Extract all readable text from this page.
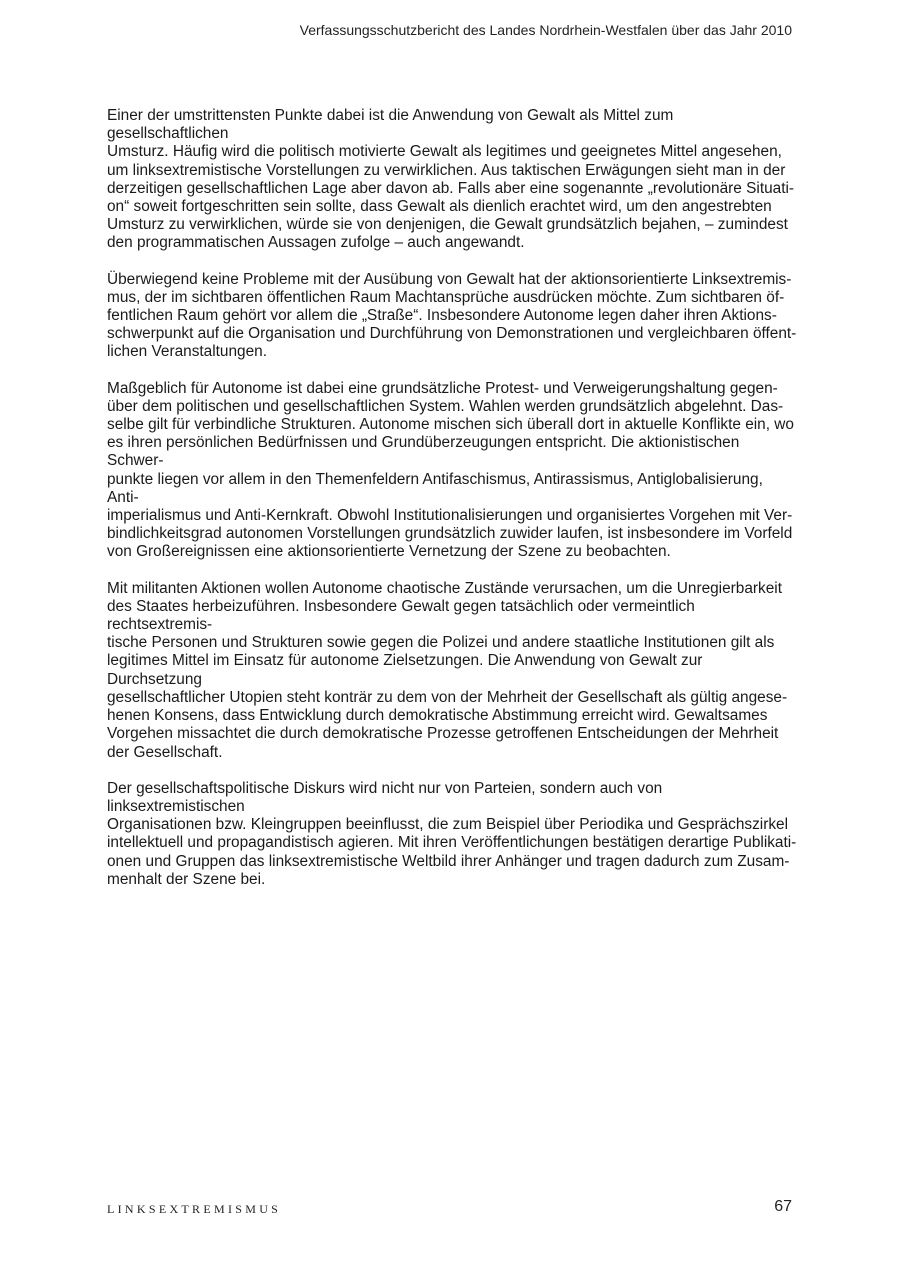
Verfassungsschutzbericht des Landes Nordrhein-Westfalen über das Jahr 2010

Einer der umstrittensten Punkte dabei ist die Anwendung von Gewalt als Mittel zum gesellschaftlichen
Umsturz. Häufig wird die politisch motivierte Gewalt als legitimes und geeignetes Mittel angesehen,
um linksextremistische Vorstellungen zu verwirklichen. Aus taktischen Erwägungen sieht man in der
derzeitigen gesellschaftlichen Lage aber davon ab. Falls aber eine sogenannte „revolutionäre Situati-
on“ soweit fortgeschritten sein sollte, dass Gewalt als dienlich erachtet wird, um den angestrebten
Umsturz zu verwirklichen, würde sie von denjenigen, die Gewalt grundsätzlich bejahen, – zumindest
den programmatischen Aussagen zufolge – auch angewandt.

Überwiegend keine Probleme mit der Ausübung von Gewalt hat der aktionsorientierte Linksextremis-
mus, der im sichtbaren öffentlichen Raum Machtansprüche ausdrücken möchte. Zum sichtbaren öf-
fentlichen Raum gehört vor allem die „Straße“. Insbesondere Autonome legen daher ihren Aktions-
schwerpunkt auf die Organisation und Durchführung von Demonstrationen und vergleichbaren öffent-
lichen Veranstaltungen.

Maßgeblich für Autonome ist dabei eine grundsätzliche Protest- und Verweigerungshaltung gegen-
über dem politischen und gesellschaftlichen System. Wahlen werden grundsätzlich abgelehnt. Das-
selbe gilt für verbindliche Strukturen. Autonome mischen sich überall dort in aktuelle Konflikte ein, wo
es ihren persönlichen Bedürfnissen und Grundüberzeugungen entspricht. Die aktionistischen Schwer-
punkte liegen vor allem in den Themenfeldern Antifaschismus, Antirassismus, Antiglobalisierung, Anti-
imperialismus und Anti-Kernkraft. Obwohl Institutionalisierungen und organisiertes Vorgehen mit Ver-
bindlichkeitsgrad autonomen Vorstellungen grundsätzlich zuwider laufen, ist insbesondere im Vorfeld
von Großereignissen eine aktionsorientierte Vernetzung der Szene zu beobachten.

Mit militanten Aktionen wollen Autonome chaotische Zustände verursachen, um die Unregierbarkeit
des Staates herbeizuführen. Insbesondere Gewalt gegen tatsächlich oder vermeintlich rechtsextremis-
tische Personen und Strukturen sowie gegen die Polizei und andere staatliche Institutionen gilt als
legitimes Mittel im Einsatz für autonome Zielsetzungen. Die Anwendung von Gewalt zur Durchsetzung
gesellschaftlicher Utopien steht konträr zu dem von der Mehrheit der Gesellschaft als gültig angese-
henen Konsens, dass Entwicklung durch demokratische Abstimmung erreicht wird. Gewaltsames
Vorgehen missachtet die durch demokratische Prozesse getroffenen Entscheidungen der Mehrheit
der Gesellschaft.

Der gesellschaftspolitische Diskurs wird nicht nur von Parteien, sondern auch von linksextremistischen
Organisationen bzw. Kleingruppen beeinflusst, die zum Beispiel über Periodika und Gesprächszirkel
intellektuell und propagandistisch agieren. Mit ihren Veröffentlichungen bestätigen derartige Publikati-
onen und Gruppen das linksextremistische Weltbild ihrer Anhänger und tragen dadurch zum Zusam-
menhalt der Szene bei.

LINKSEXTREMISMUS	67
